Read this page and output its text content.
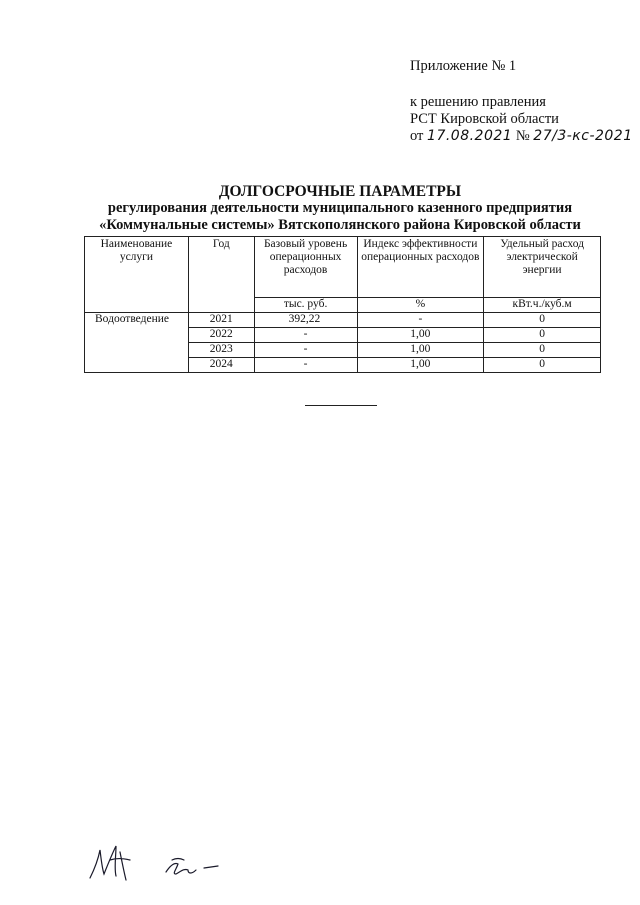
Приложение № 1
к решению правления
РСТ Кировской области
от 17.08.2021 № 27/3-кс-2021
ДОЛГОСРОЧНЫЕ ПАРАМЕТРЫ
регулирования деятельности муниципального казенного предприятия
«Коммунальные системы» Вятскополянского района Кировской области
Наименование услуги	Год	Базовый уровень операционных расходов	Индекс эффективности операционных расходов	Удельный расход электрической энергии
		тыс. руб.	%	кВт.ч./куб.м
Водоотведение	2021	392,22	-	0
	2022	-	1,00	0
	2023	-	1,00	0
	2024	-	1,00	0
